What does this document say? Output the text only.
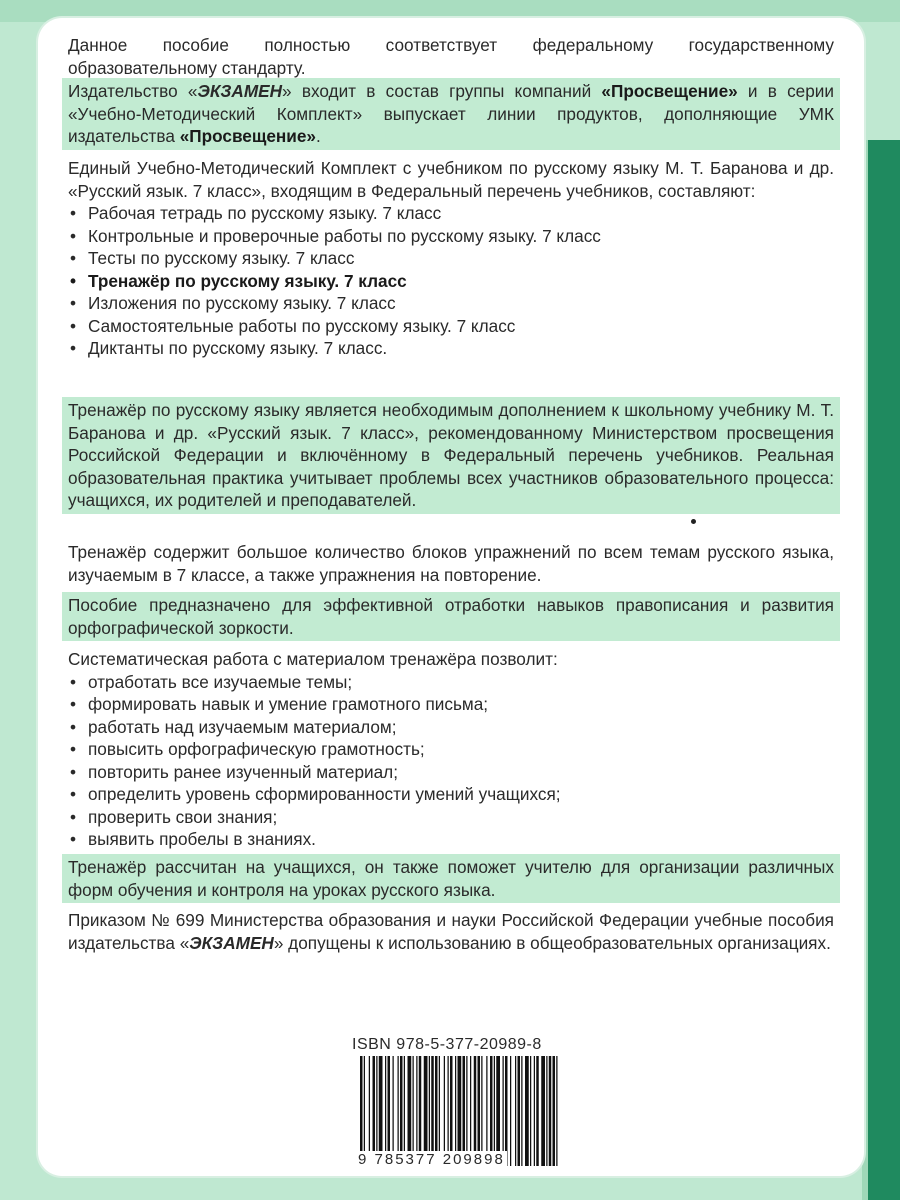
Данное пособие полностью соответствует федеральному государственному образовательному стандарту.

Издательство «ЭКЗАМЕН» входит в состав группы компаний «Просвещение» и в серии «Учебно-Методический Комплект» выпускает линии продуктов, дополняющие УМК издательства «Просвещение».

Единый Учебно-Методический Комплект с учебником по русскому языку М. Т. Баранова и др. «Русский язык. 7 класс», входящим в Федеральный перечень учебников, составляют:

• Рабочая тетрадь по русскому языку. 7 класс
• Контрольные и проверочные работы по русскому языку. 7 класс
• Тесты по русскому языку. 7 класс
• Тренажёр по русскому языку. 7 класс
• Изложения по русскому языку. 7 класс
• Самостоятельные работы по русскому языку. 7 класс
• Диктанты по русскому языку. 7 класс.

Тренажёр по русскому языку является необходимым дополнением к школьному учебнику М. Т. Баранова и др. «Русский язык. 7 класс», рекомендованному Министерством просвещения Российской Федерации и включённому в Федеральный перечень учебников. Реальная образовательная практика учитывает проблемы всех участников образовательного процесса: учащихся, их родителей и преподавателей.

Тренажёр содержит большое количество блоков упражнений по всем темам русского языка, изучаемым в 7 классе, а также упражнения на повторение.

Пособие предназначено для эффективной отработки навыков правописания и развития орфографической зоркости.

Систематическая работа с материалом тренажёра позволит:

• отработать все изучаемые темы;
• формировать навык и умение грамотного письма;
• работать над изучаемым материалом;
• повысить орфографическую грамотность;
• повторить ранее изученный материал;
• определить уровень сформированности умений учащихся;
• проверить свои знания;
• выявить пробелы в знаниях.

Тренажёр рассчитан на учащихся, он также поможет учителю для организации различных форм обучения и контроля на уроках русского языка.

Приказом № 699 Министерства образования и науки Российской Федерации учебные пособия издательства «ЭКЗАМЕН» допущены к использованию в общеобразовательных организациях.

ISBN 978-5-377-20989-8
9 785377 209898
